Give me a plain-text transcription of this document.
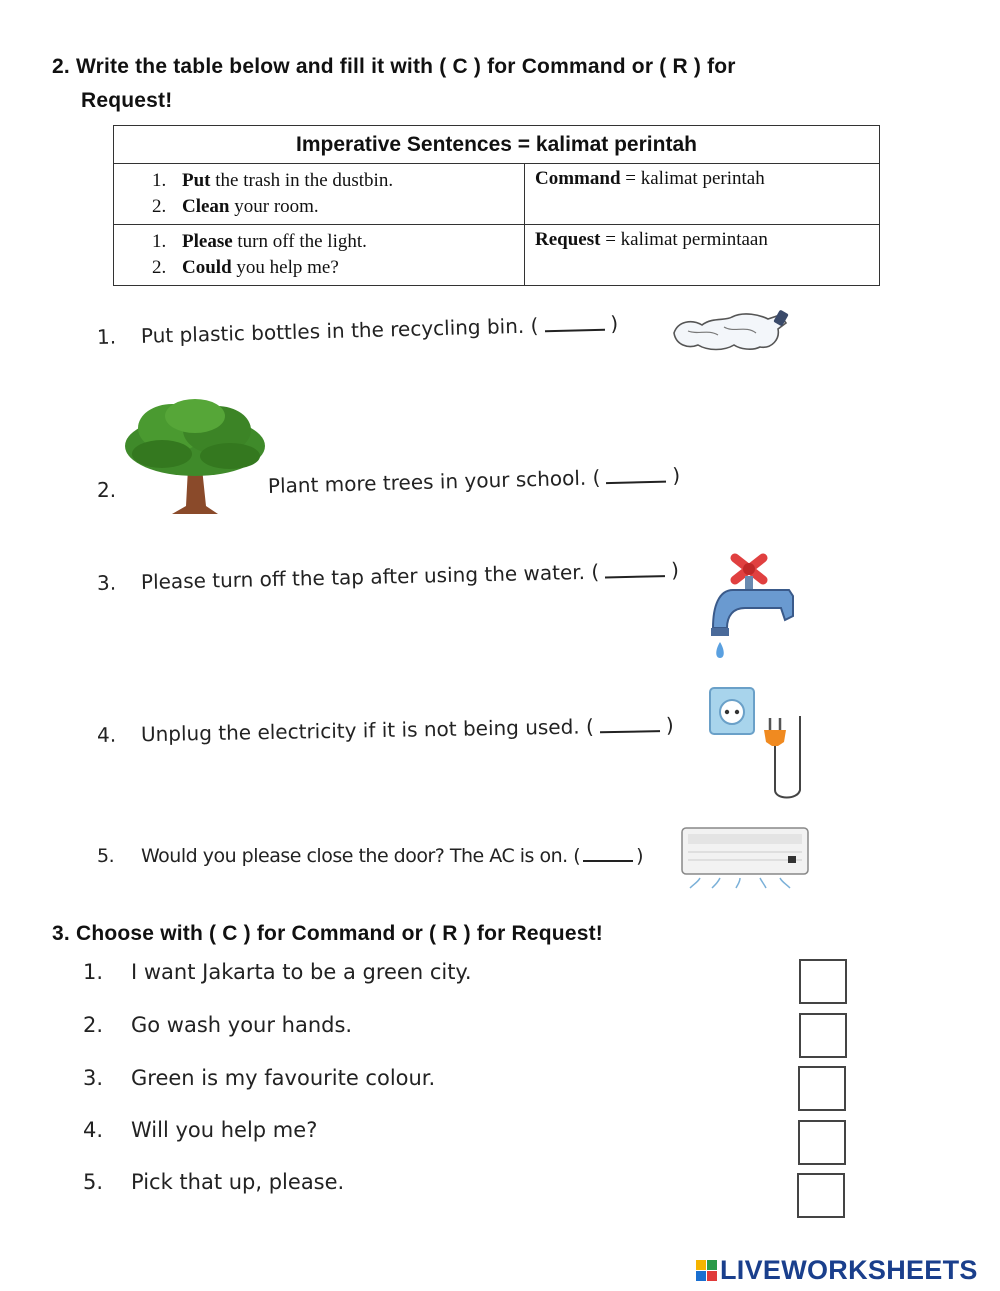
2. Write the table below and fill it with ( C ) for Command or ( R ) for
Request!
Imperative Sentences = kalimat perintah	

1. Put the trash in the dustbin.
2. Clean your room.	Command = kalimat perintah

1. Please turn off the light.
2. Could you help me?	Request = kalimat permintaan
1. Put plastic bottles in the recycling bin. (	)
2.	Plant more trees in your school. (	)
3. Please turn off the tap after using the water. (	)
4. Unplug the electricity if it is not being used. (	)
5. Would you please close the door? The AC is on. (	)
3. Choose with ( C ) for Command or ( R ) for Request!
1. I want Jakarta to be a green city.
2. Go wash your hands.
3. Green is my favourite colour.
4. Will you help me?
5. Pick that up, please.
LIVEWORKSHEETS
